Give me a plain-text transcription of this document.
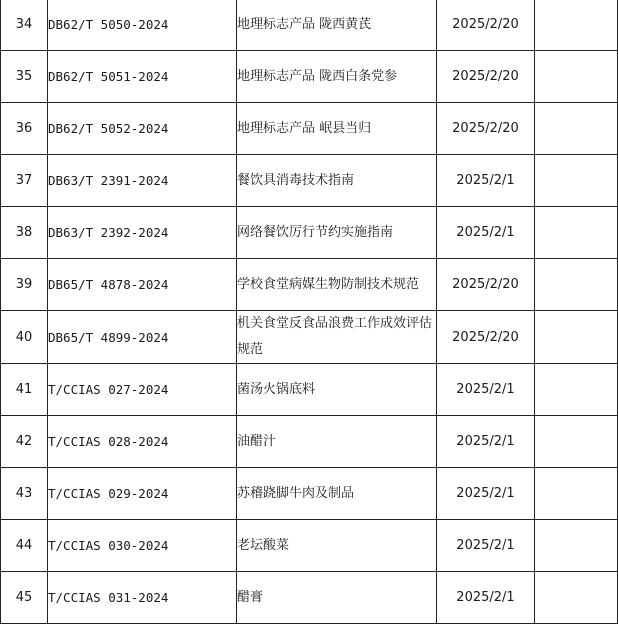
34	DB62/T 5050-2024	地理标志产品 陇西黄芪	2025/2/20	
35	DB62/T 5051-2024	地理标志产品 陇西白条党参	2025/2/20	
36	DB62/T 5052-2024	地理标志产品 岷县当归	2025/2/20	
37	DB63/T 2391-2024	餐饮具消毒技术指南	2025/2/1	
38	DB63/T 2392-2024	网络餐饮厉行节约实施指南	2025/2/1	
39	DB65/T 4878-2024	学校食堂病媒生物防制技术规范	2025/2/20	
40	DB65/T 4899-2024	机关食堂反食品浪费工作成效评估规范	2025/2/20	
41	T/CCIAS 027-2024	菌汤火锅底料	2025/2/1	
42	T/CCIAS 028-2024	油醋汁	2025/2/1	
43	T/CCIAS 029-2024	苏稽跷脚牛肉及制品	2025/2/1	
44	T/CCIAS 030-2024	老坛酸菜	2025/2/1	
45	T/CCIAS 031-2024	醋膏	2025/2/1	
